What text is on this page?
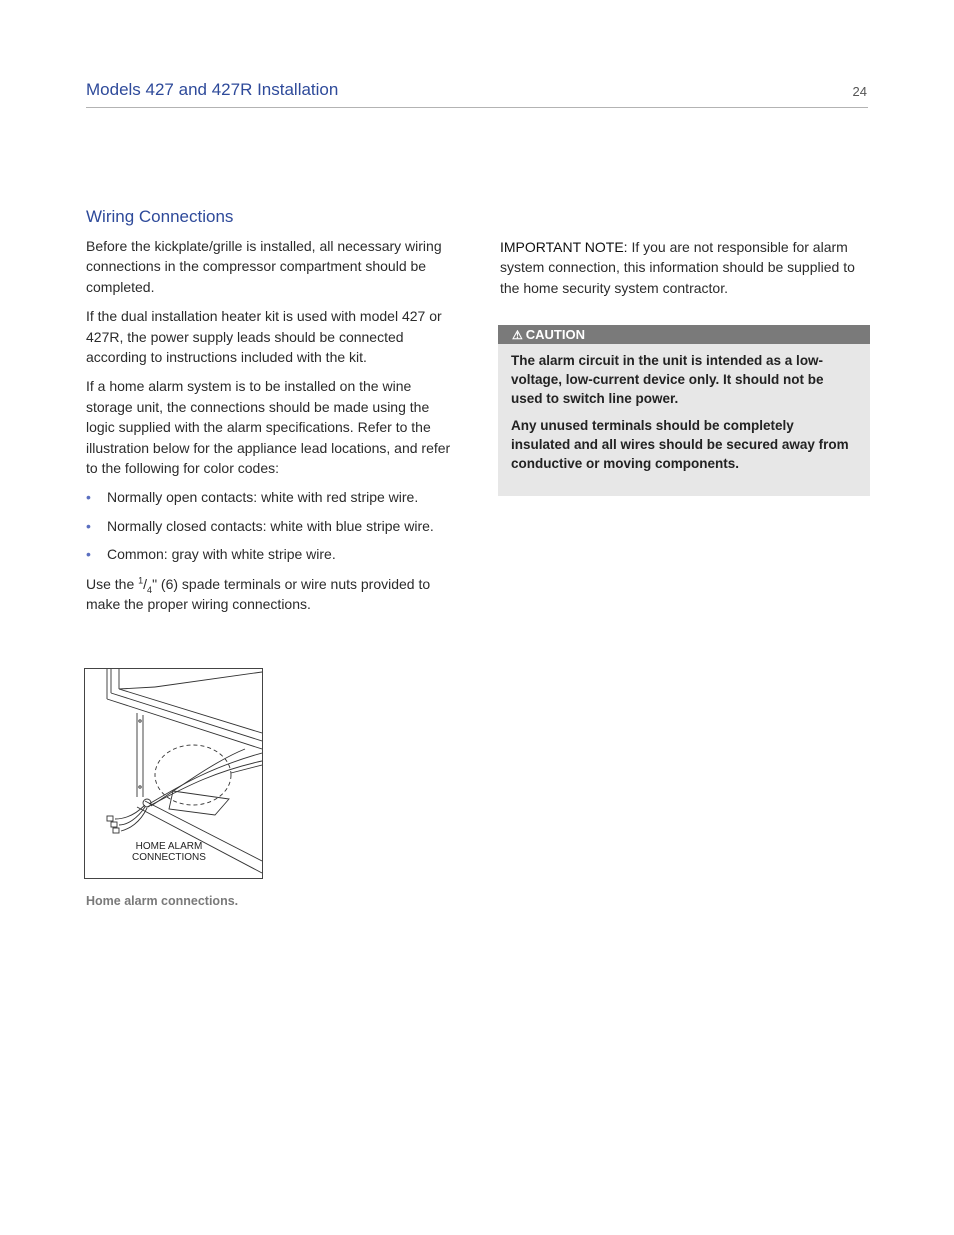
Models 427 and 427R Installation	24
Wiring Connections

Before the kickplate/grille is installed, all necessary wiring connections in the compressor compartment should be completed.

If the dual installation heater kit is used with model 427 or 427R, the power supply leads should be connected according to instructions included with the kit.

If a home alarm system is to be installed on the wine storage unit, the connections should be made using the logic supplied with the alarm specifications. Refer to the illustration below for the appliance lead locations, and refer to the following for color codes:

• Normally open contacts: white with red stripe wire.
• Normally closed contacts: white with blue stripe wire.
• Common: gray with white stripe wire.

Use the $^1/_4$" (6) spade terminals or wire nuts provided to make the proper wiring connections.

IMPORTANT NOTE: If you are not responsible for alarm system connection, this information should be supplied to the home security system contractor.

⚠ CAUTION

The alarm circuit in the unit is intended as a low-voltage, low-current device only. It should not be used to switch line power.

Any unused terminals should be completely insulated and all wires should be secured away from conductive or moving components.

HOME ALARM
CONNECTIONS
Home alarm connections.
